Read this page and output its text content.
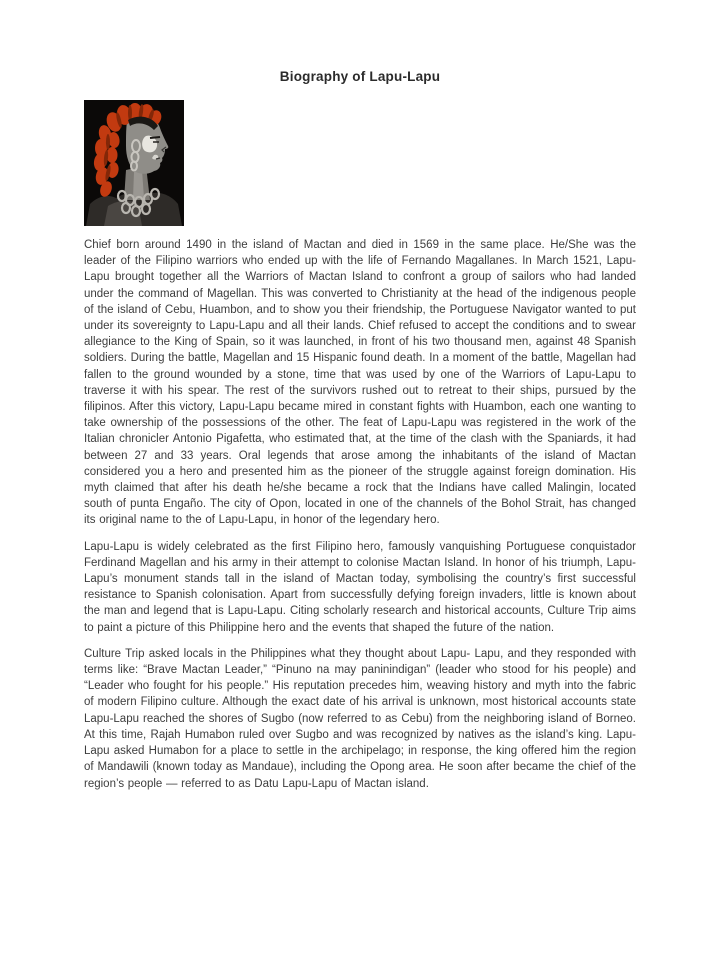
Biography of Lapu-Lapu

Chief born around 1490 in the island of Mactan and died in 1569 in the same place. He/She was the leader of the Filipino warriors who ended up with the life of Fernando Magallanes. In March 1521, Lapu-Lapu brought together all the Warriors of Mactan Island to confront a group of sailors who had landed under the command of Magellan. This was converted to Christianity at the head of the indigenous people of the island of Cebu, Huambon, and to show you their friendship, the Portuguese Navigator wanted to put under its sovereignty to Lapu-Lapu and all their lands. Chief refused to accept the conditions and to swear allegiance to the King of Spain, so it was launched, in front of his two thousand men, against 48 Spanish soldiers. During the battle, Magellan and 15 Hispanic found death. In a moment of the battle, Magellan had fallen to the ground wounded by a stone, time that was used by one of the Warriors of Lapu-Lapu to traverse it with his spear. The rest of the survivors rushed out to retreat to their ships, pursued by the filipinos. After this victory, Lapu-Lapu became mired in constant fights with Huambon, each one wanting to take ownership of the possessions of the other. The feat of Lapu-Lapu was registered in the work of the Italian chronicler Antonio Pigafetta, who estimated that, at the time of the clash with the Spaniards, it had between 27 and 33 years. Oral legends that arose among the inhabitants of the island of Mactan considered you a hero and presented him as the pioneer of the struggle against foreign domination. His myth claimed that after his death he/she became a rock that the Indians have called Malingin, located south of punta Engaño. The city of Opon, located in one of the channels of the Bohol Strait, has changed its original name to the of Lapu-Lapu, in honor of the legendary hero.

Lapu-Lapu is widely celebrated as the first Filipino hero, famously vanquishing Portuguese conquistador Ferdinand Magellan and his army in their attempt to colonise Mactan Island. In honor of his triumph, Lapu-Lapu’s monument stands tall in the island of Mactan today, symbolising the country’s first successful resistance to Spanish colonisation. Apart from successfully defying foreign invaders, little is known about the man and legend that is Lapu-Lapu. Citing scholarly research and historical accounts, Culture Trip aims to paint a picture of this Philippine hero and the events that shaped the future of the nation.

Culture Trip asked locals in the Philippines what they thought about Lapu- Lapu, and they responded with terms like: “Brave Mactan Leader,” “Pinuno na may paninindigan” (leader who stood for his people) and “Leader who fought for his people.” His reputation precedes him, weaving history and myth into the fabric of modern Filipino culture. Although the exact date of his arrival is unknown, most historical accounts state Lapu-Lapu reached the shores of Sugbo (now referred to as Cebu) from the neighboring island of Borneo. At this time, Rajah Humabon ruled over Sugbo and was recognized by natives as the island’s king. Lapu-Lapu asked Humabon for a place to settle in the archipelago; in response, the king offered him the region of Mandawili (known today as Mandaue), including the Opong area. He soon after became the chief of the region’s people — referred to as Datu Lapu-Lapu of Mactan island.
